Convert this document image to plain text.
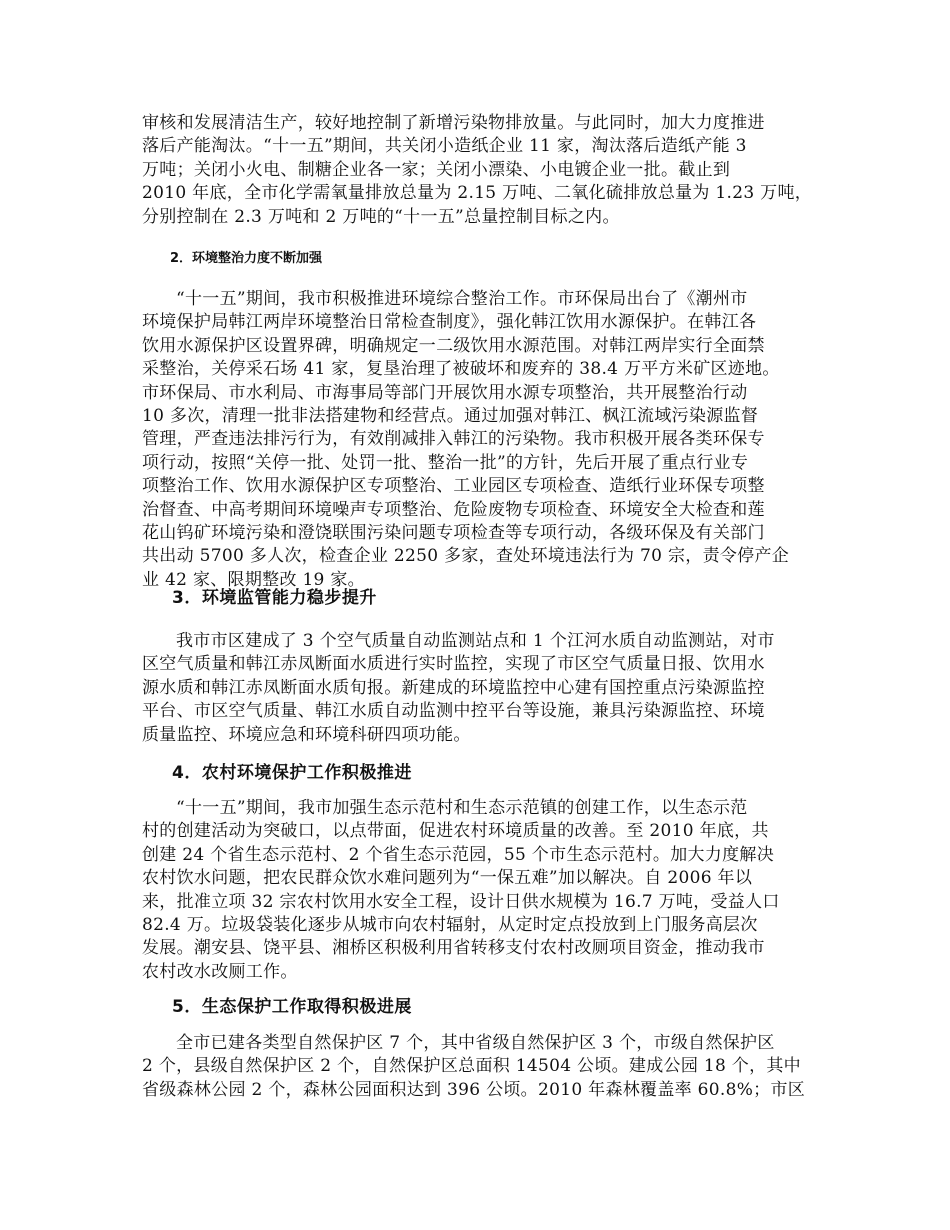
审核和发展清洁生产，较好地控制了新增污染物排放量。与此同时，加大力度推进
落后产能淘汰。“十一五”期间，共关闭小造纸企业 11 家，淘汰落后造纸产能 3
万吨；关闭小火电、制糖企业各一家；关闭小漂染、小电镀企业一批。截止到
2010 年底，全市化学需氧量排放总量为 2.15 万吨、二氧化硫排放总量为 1.23 万吨，
分别控制在 2.3 万吨和 2 万吨的“十一五”总量控制目标之内。

2．环境整治力度不断加强

“十一五”期间，我市积极推进环境综合整治工作。市环保局出台了《潮州市
环境保护局韩江两岸环境整治日常检查制度》，强化韩江饮用水源保护。在韩江各
饮用水源保护区设置界碑，明确规定一二级饮用水源范围。对韩江两岸实行全面禁
采整治，关停采石场 41 家，复垦治理了被破坏和废弃的 38.4 万平方米矿区迹地。
市环保局、市水利局、市海事局等部门开展饮用水源专项整治，共开展整治行动
10 多次，清理一批非法搭建物和经营点。通过加强对韩江、枫江流域污染源监督
管理，严查违法排污行为，有效削减排入韩江的污染物。我市积极开展各类环保专
项行动，按照“关停一批、处罚一批、整治一批”的方针，先后开展了重点行业专
项整治工作、饮用水源保护区专项整治、工业园区专项检查、造纸行业环保专项整
治督查、中高考期间环境噪声专项整治、危险废物专项检查、环境安全大检查和莲
花山钨矿环境污染和澄饶联围污染问题专项检查等专项行动，各级环保及有关部门
共出动 5700 多人次，检查企业 2250 多家，查处环境违法行为 70 宗，责令停产企
业 42 家、限期整改 19 家。

3．环境监管能力稳步提升

我市市区建成了 3 个空气质量自动监测站点和 1 个江河水质自动监测站，对市
区空气质量和韩江赤凤断面水质进行实时监控，实现了市区空气质量日报、饮用水
源水质和韩江赤凤断面水质旬报。新建成的环境监控中心建有国控重点污染源监控
平台、市区空气质量、韩江水质自动监测中控平台等设施，兼具污染源监控、环境
质量监控、环境应急和环境科研四项功能。

4．农村环境保护工作积极推进

“十一五”期间，我市加强生态示范村和生态示范镇的创建工作，以生态示范
村的创建活动为突破口，以点带面，促进农村环境质量的改善。至 2010 年底，共
创建 24 个省生态示范村、2 个省生态示范园，55 个市生态示范村。加大力度解决
农村饮水问题，把农民群众饮水难问题列为“一保五难”加以解决。自 2006 年以
来，批准立项 32 宗农村饮用水安全工程，设计日供水规模为 16.7 万吨，受益人口
82.4 万。垃圾袋装化逐步从城市向农村辐射，从定时定点投放到上门服务高层次
发展。潮安县、饶平县、湘桥区积极利用省转移支付农村改厕项目资金，推动我市
农村改水改厕工作。

5．生态保护工作取得积极进展

全市已建各类型自然保护区 7 个，其中省级自然保护区 3 个，市级自然保护区
2 个，县级自然保护区 2 个，自然保护区总面积 14504 公顷。建成公园 18 个，其中
省级森林公园 2 个，森林公园面积达到 396 公顷。2010 年森林覆盖率 60.8%；市区
